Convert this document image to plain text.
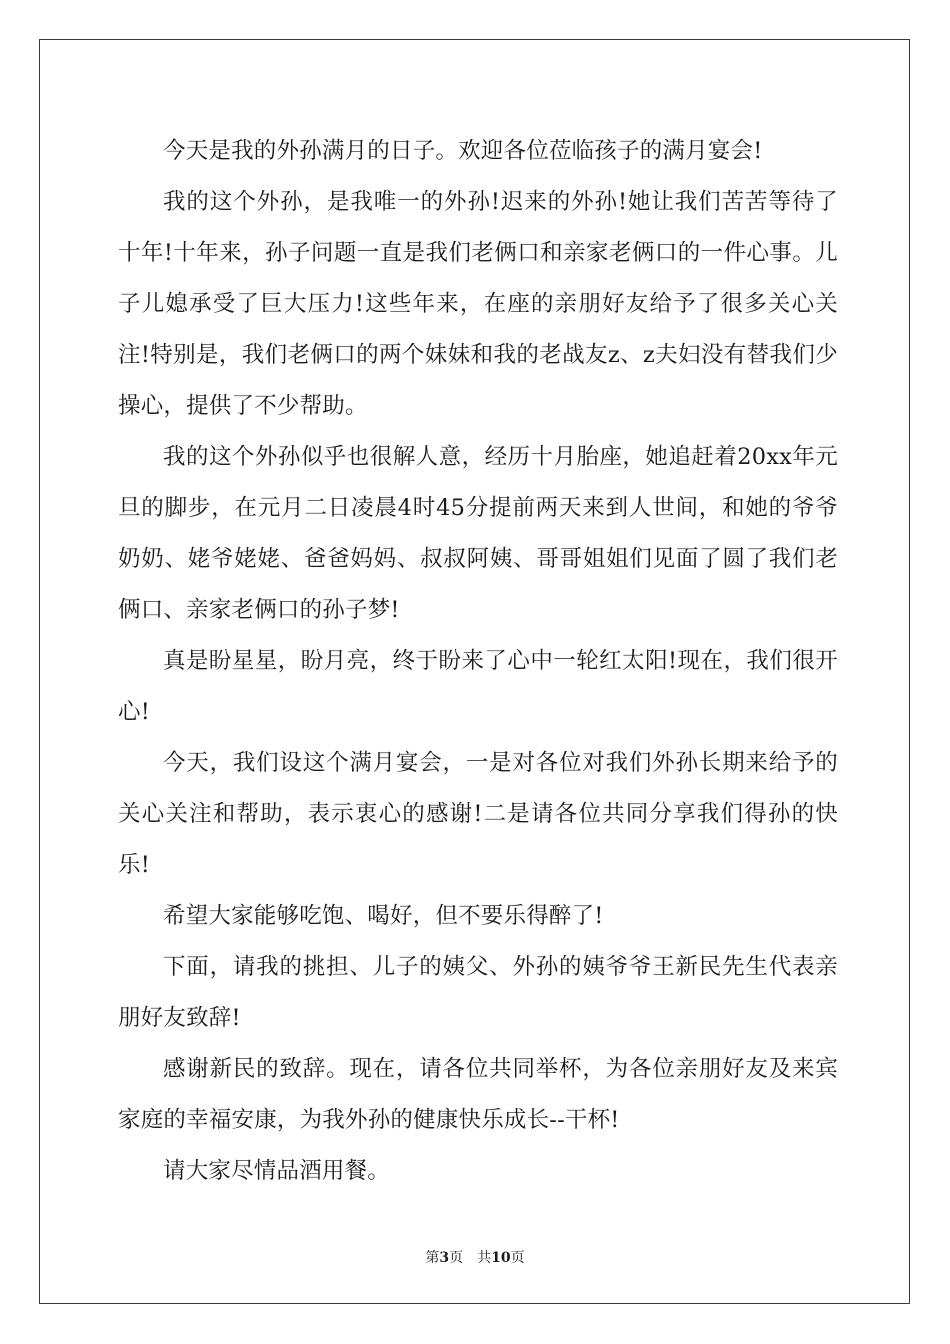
今天是我的外孙满月的日子。欢迎各位莅临孩子的满月宴会!

我的这个外孙，是我唯一的外孙!迟来的外孙!她让我们苦苦等待了十年!十年来，孙子问题一直是我们老俩口和亲家老俩口的一件心事。儿子儿媳承受了巨大压力!这些年来，在座的亲朋好友给予了很多关心关注!特别是，我们老俩口的两个妹妹和我的老战友z、z夫妇没有替我们少操心，提供了不少帮助。

我的这个外孙似乎也很解人意，经历十月胎座，她追赶着20xx年元旦的脚步，在元月二日凌晨4时45分提前两天来到人世间，和她的爷爷奶奶、姥爷姥姥、爸爸妈妈、叔叔阿姨、哥哥姐姐们见面了圆了我们老俩口、亲家老俩口的孙子梦!

真是盼星星，盼月亮，终于盼来了心中一轮红太阳!现在，我们很开心!

今天，我们设这个满月宴会，一是对各位对我们外孙长期来给予的关心关注和帮助，表示衷心的感谢!二是请各位共同分享我们得孙的快乐!

希望大家能够吃饱、喝好，但不要乐得醉了!

下面，请我的挑担、儿子的姨父、外孙的姨爷爷王新民先生代表亲朋好友致辞!

感谢新民的致辞。现在，请各位共同举杯，为各位亲朋好友及来宾家庭的幸福安康，为我外孙的健康快乐成长--干杯!

请大家尽情品酒用餐。

第3页 共10页
